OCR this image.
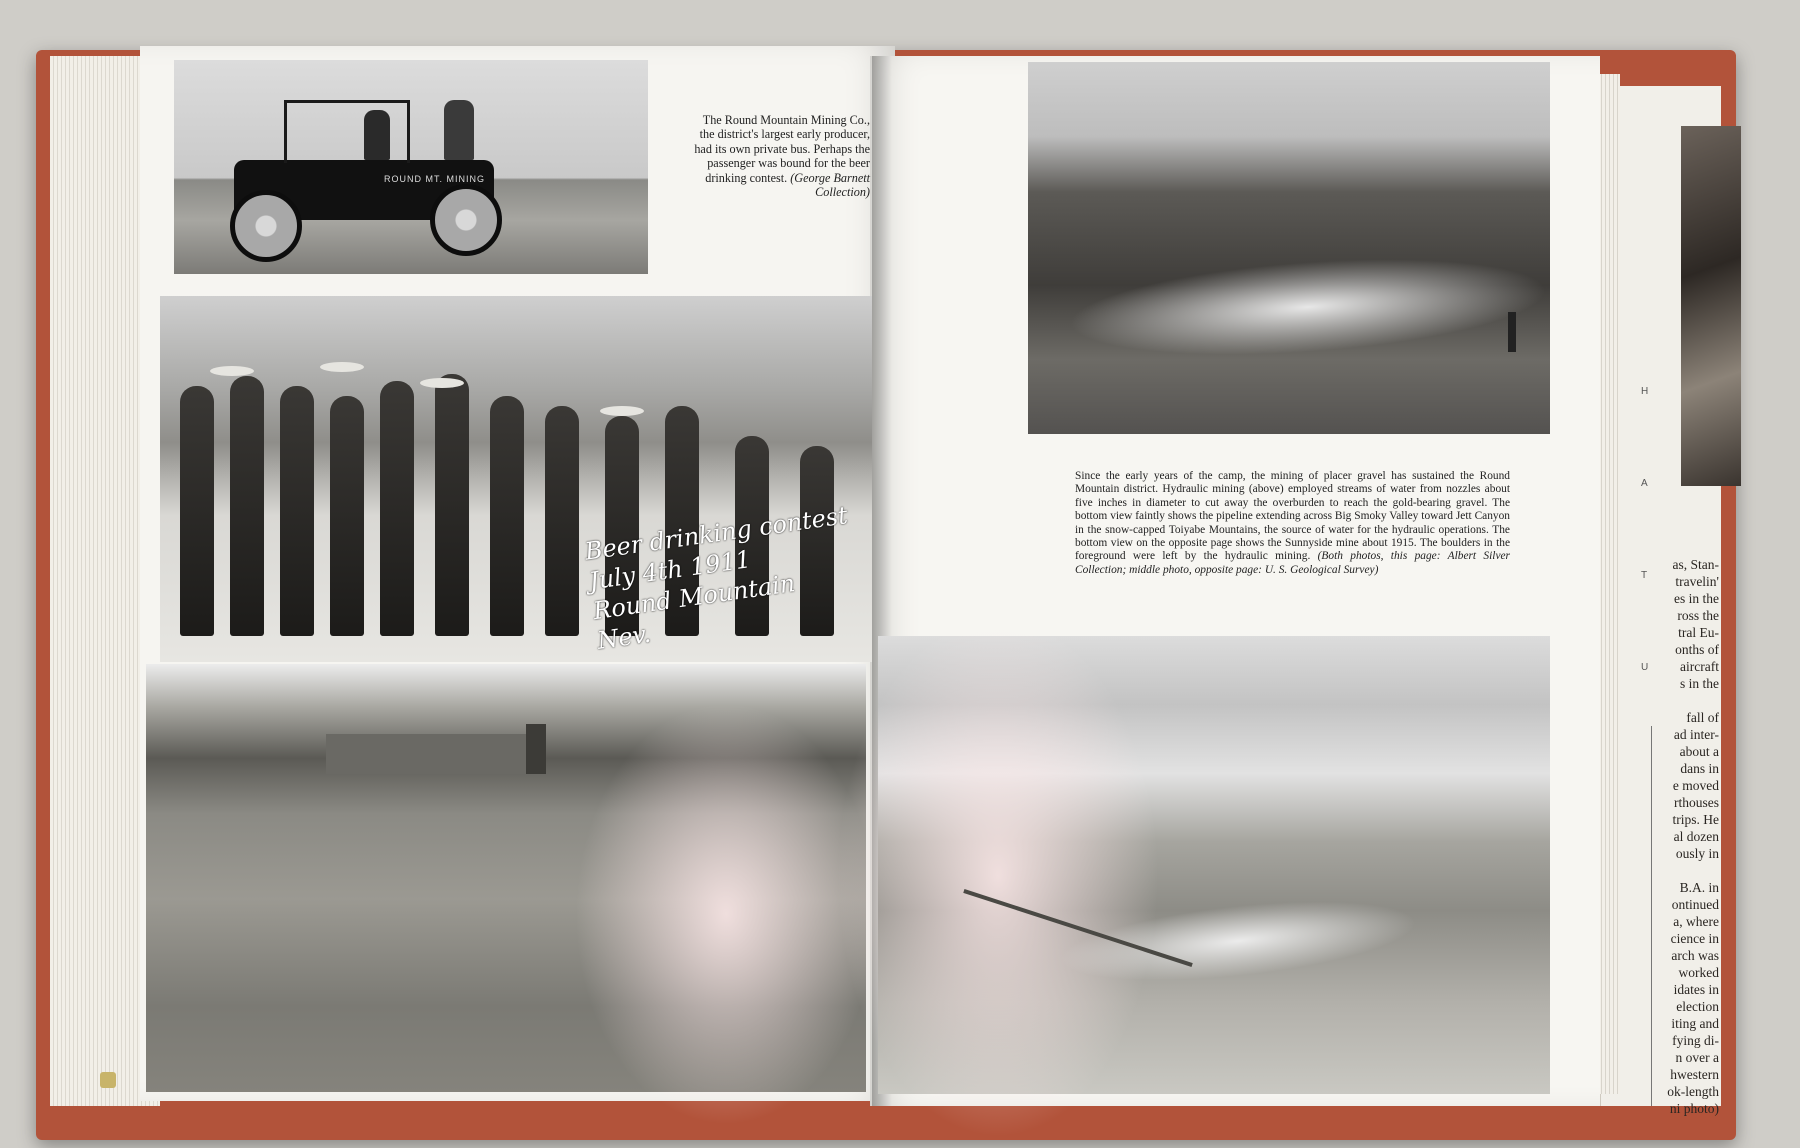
H
A
T
U
as, Stan-
travelin'
es in the
ross the
tral Eu-
onths of
aircraft
s in the

fall of
ad inter-
about a
dans in
e moved
rthouses
trips. He
al dozen
ously in

B.A. in
ontinued
a, where
cience in
arch was
worked
idates in
election
iting and
fying di-
n over a
hwestern
ok-length
ni photo)
ROUND MT. MINING
Beer drinking contest
July 4th 1911
Round Mountain
Nev.
The Round Mountain Mining Co., the district's largest early producer, had its own private bus. Perhaps the passenger was bound for the beer drinking contest. (George Barnett Collection)
Since the early years of the camp, the mining of placer gravel has sustained the Round Mountain district. Hydraulic mining (above) employed streams of water from nozzles about five inches in diameter to cut away the overburden to reach the gold-bearing gravel. The bottom view faintly shows the pipeline extending across Big Smoky Valley toward Jett Canyon in the snow-capped Toiyabe Mountains, the source of water for the hydraulic operations. The bottom view on the opposite page shows the Sunnyside mine about 1915. The boulders in the foreground were left by the hydraulic mining. (Both photos, this page: Albert Silver Collection; middle photo, opposite page: U. S. Geological Survey)
